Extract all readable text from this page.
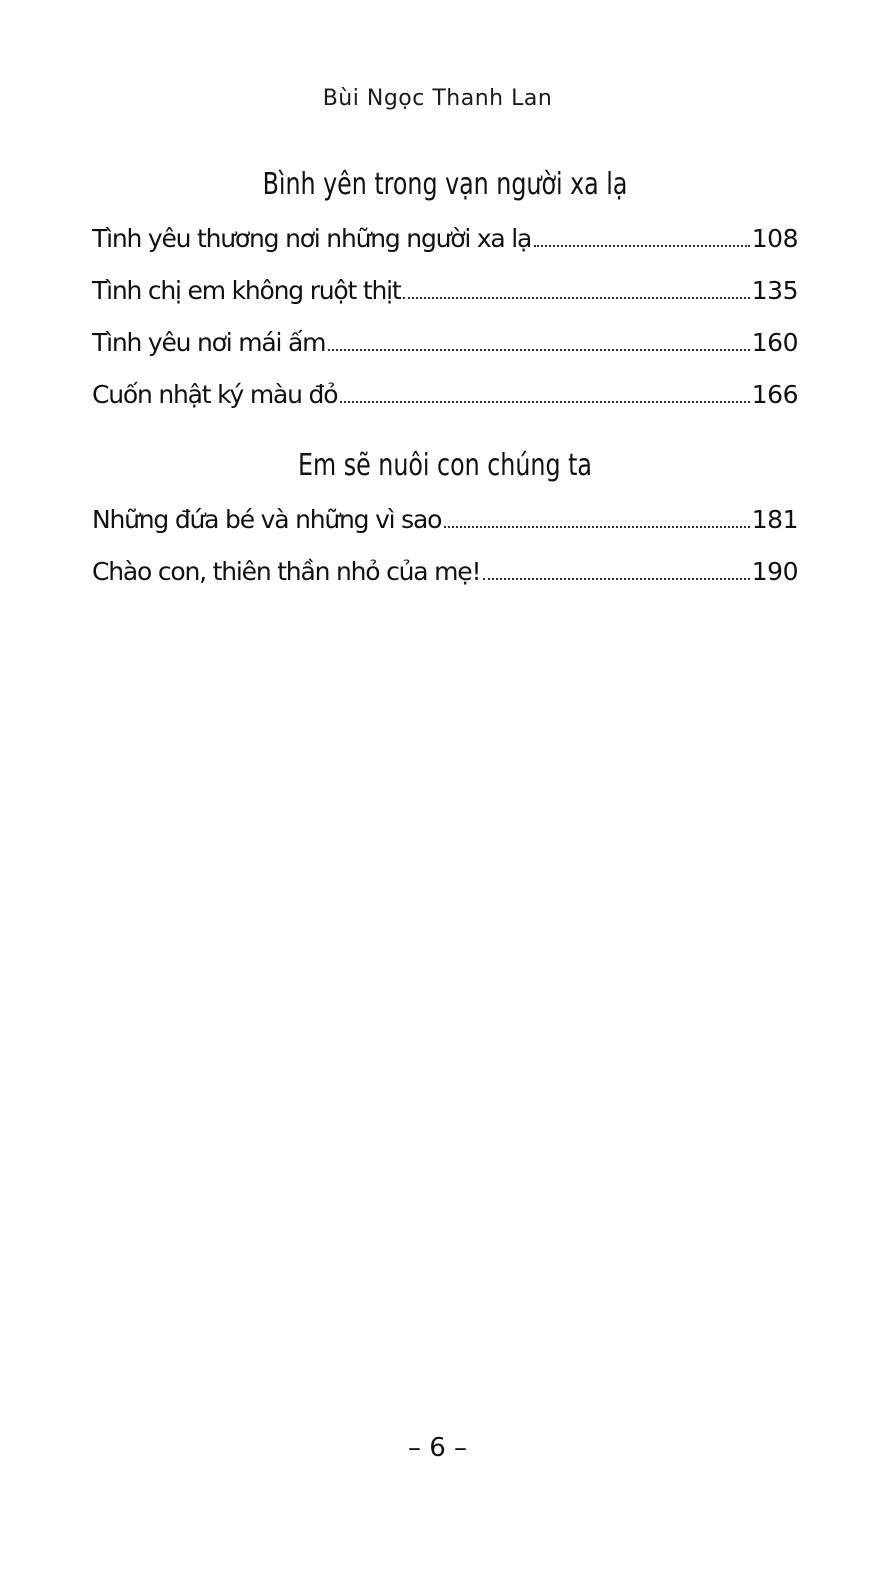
Bùi Ngọc Thanh Lan
Bình yên trong vạn người xa lạ
Tình yêu thương nơi những người xa lạ	108
Tình chị em không ruột thịt	135
Tình yêu nơi mái ấm	160
Cuốn nhật ký màu đỏ	166
Em sẽ nuôi con chúng ta
Những đứa bé và những vì sao	181
Chào con, thiên thần nhỏ của mẹ!	190
– 6 –
